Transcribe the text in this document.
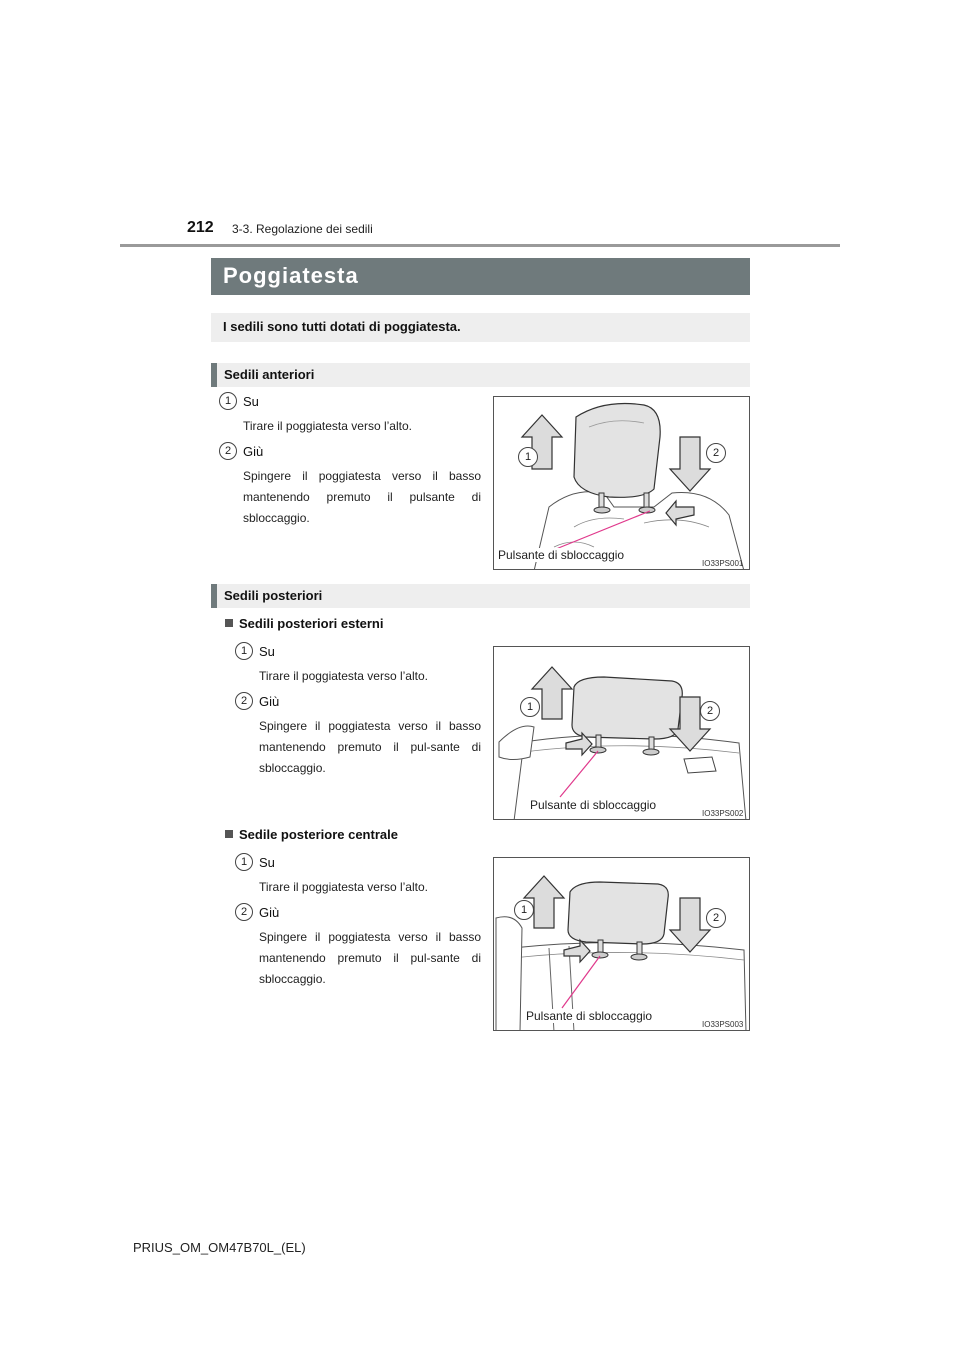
212 3-3. Regolazione dei sedili
Poggiatesta
I sedili sono tutti dotati di poggiatesta.
Sedili anteriori
1 Su
Tirare il poggiatesta verso l’alto.
2 Giù
Spingere il poggiatesta verso il basso mantenendo premuto il pulsante di sbloccaggio.
1	2
Pulsante di sbloccaggio
IO33PS001
Sedili posteriori
Sedili posteriori esterni
1 Su
Tirare il poggiatesta verso l’alto.
2 Giù
Spingere il poggiatesta verso il basso mantenendo premuto il pul-sante di sbloccaggio.
1	2
Pulsante di sbloccaggio
IO33PS002
Sedile posteriore centrale
1 Su
Tirare il poggiatesta verso l’alto.
2 Giù
Spingere il poggiatesta verso il basso mantenendo premuto il pul-sante di sbloccaggio.
1
2
Pulsante di sbloccaggio
IO33PS003
PRIUS_OM_OM47B70L_(EL)
